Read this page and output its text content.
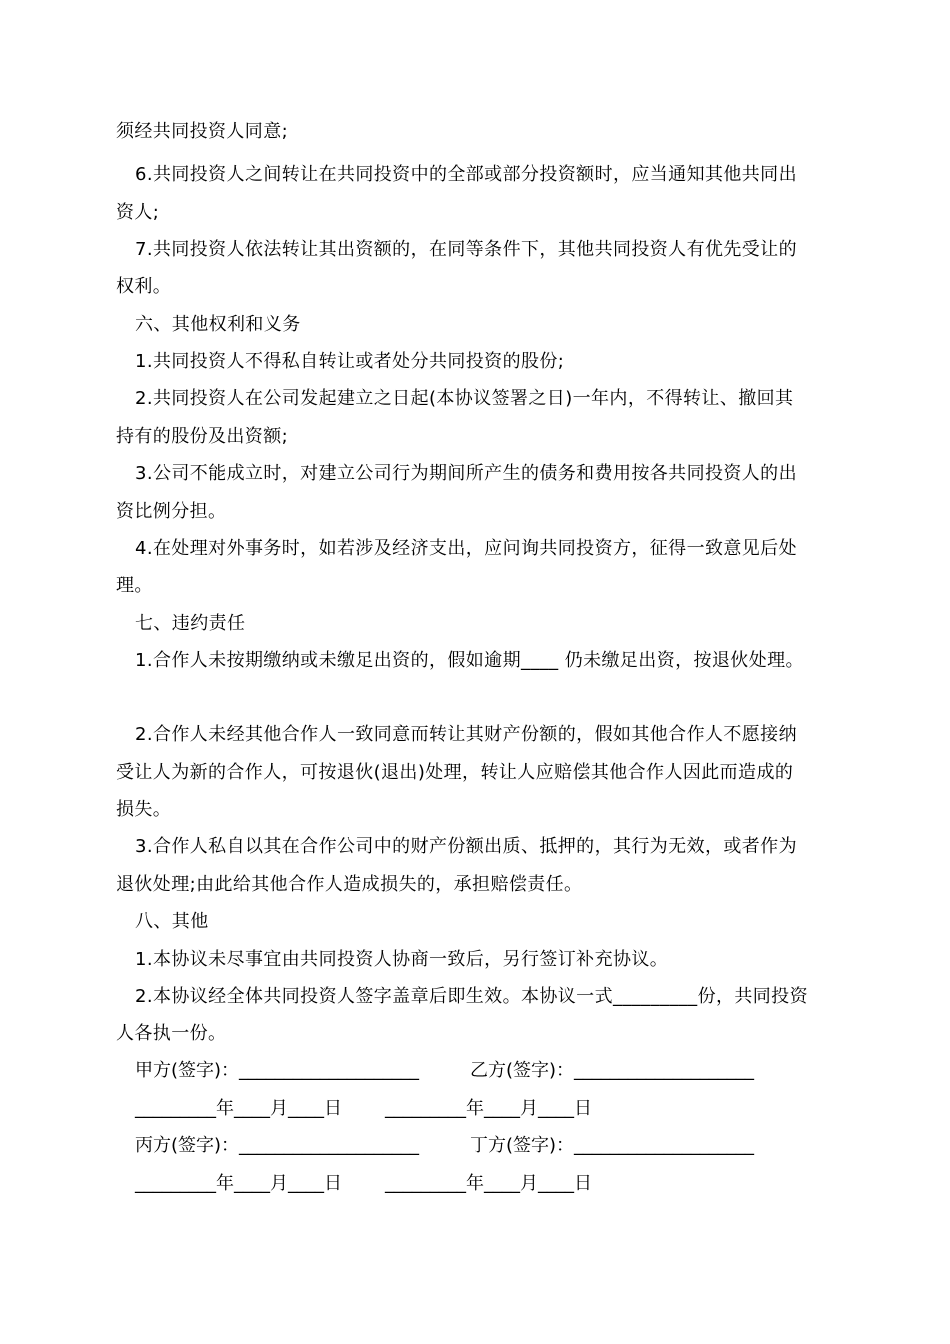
须经共同投资人同意;
6.共同投资人之间转让在共同投资中的全部或部分投资额时，应当通知其他共同出
资人;
7.共同投资人依法转让其出资额的，在同等条件下，其他共同投资人有优先受让的
权利。
六、其他权利和义务
1.共同投资人不得私自转让或者处分共同投资的股份;
2.共同投资人在公司发起建立之日起(本协议签署之日)一年内，不得转让、撤回其
持有的股份及出资额;
3.公司不能成立时，对建立公司行为期间所产生的债务和费用按各共同投资人的出
资比例分担。
4.在处理对外事务时，如若涉及经济支出，应问询共同投资方，征得一致意见后处
理。
七、违约责任
1.合作人未按期缴纳或未缴足出资的，假如逾期____ 仍未缴足出资，按退伙处理。
2.合作人未经其他合作人一致同意而转让其财产份额的，假如其他合作人不愿接纳
受让人为新的合作人，可按退伙(退出)处理，转让人应赔偿其他合作人因此而造成的
损失。
3.合作人私自以其在合作公司中的财产份额出质、抵押的，其行为无效，或者作为
退伙处理;由此给其他合作人造成损失的，承担赔偿责任。
八、其他
1.本协议未尽事宜由共同投资人协商一致后，另行签订补充协议。
2.本协议经全体共同投资人签字盖章后即生效。本协议一式_________份，共同投资
人各执一份。
甲方(签字)：____________________	乙方(签字)：____________________
_________年____月____日 _________年____月____日
丙方(签字)：____________________	丁方(签字)：____________________
_________年____月____日 _________年____月____日
